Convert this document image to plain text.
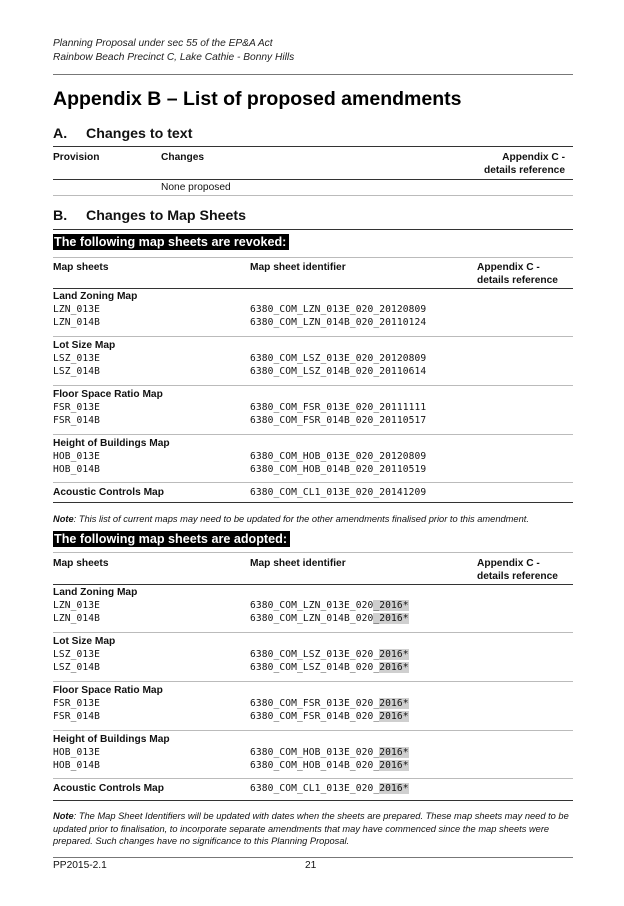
Planning Proposal under sec 55 of the EP&A Act
Rainbow Beach Precinct C, Lake Cathie - Bonny Hills
Appendix B – List of proposed amendments
A. Changes to text
Provision	Changes	Appendix C -
details reference
None proposed
B. Changes to Map Sheets
The following map sheets are revoked:
Map sheets	Map sheet identifier	Appendix C -
details reference
Land Zoning Map
LZN_013E	6380_COM_LZN_013E_020_20120809
LZN_014B	6380_COM_LZN_014B_020_20110124
Lot Size Map
LSZ_013E	6380_COM_LSZ_013E_020_20120809
LSZ_014B	6380_COM_LSZ_014B_020_20110614
Floor Space Ratio Map
FSR_013E	6380_COM_FSR_013E_020_20111111
FSR_014B	6380_COM_FSR_014B_020_20110517
Height of Buildings Map
HOB_013E	6380_COM_HOB_013E_020_20120809
HOB_014B	6380_COM_HOB_014B_020_20110519
Acoustic Controls Map	6380_COM_CL1_013E_020_20141209
Note: This list of current maps may need to be updated for the other amendments finalised prior to this amendment.
The following map sheets are adopted:
Map sheets	Map sheet identifier	Appendix C -
details reference
Land Zoning Map
LZN_013E	6380_COM_LZN_013E_020_2016*
LZN_014B	6380_COM_LZN_014B_020_2016*
Lot Size Map
LSZ_013E	6380_COM_LSZ_013E_020_2016*
LSZ_014B	6380_COM_LSZ_014B_020_2016*
Floor Space Ratio Map
FSR_013E	6380_COM_FSR_013E_020_2016*
FSR_014B	6380_COM_FSR_014B_020_2016*
Height of Buildings Map
HOB_013E	6380_COM_HOB_013E_020_2016*
HOB_014B	6380_COM_HOB_014B_020_2016*
Acoustic Controls Map	6380_COM_CL1_013E_020_2016*
Note: The Map Sheet Identifiers will be updated with dates when the sheets are prepared. These map sheets may need to be updated prior to finalisation, to incorporate separate amendments that may have commenced since the map sheets were prepared. Such changes have no significance to this Planning Proposal.
PP2015-2.1	21
